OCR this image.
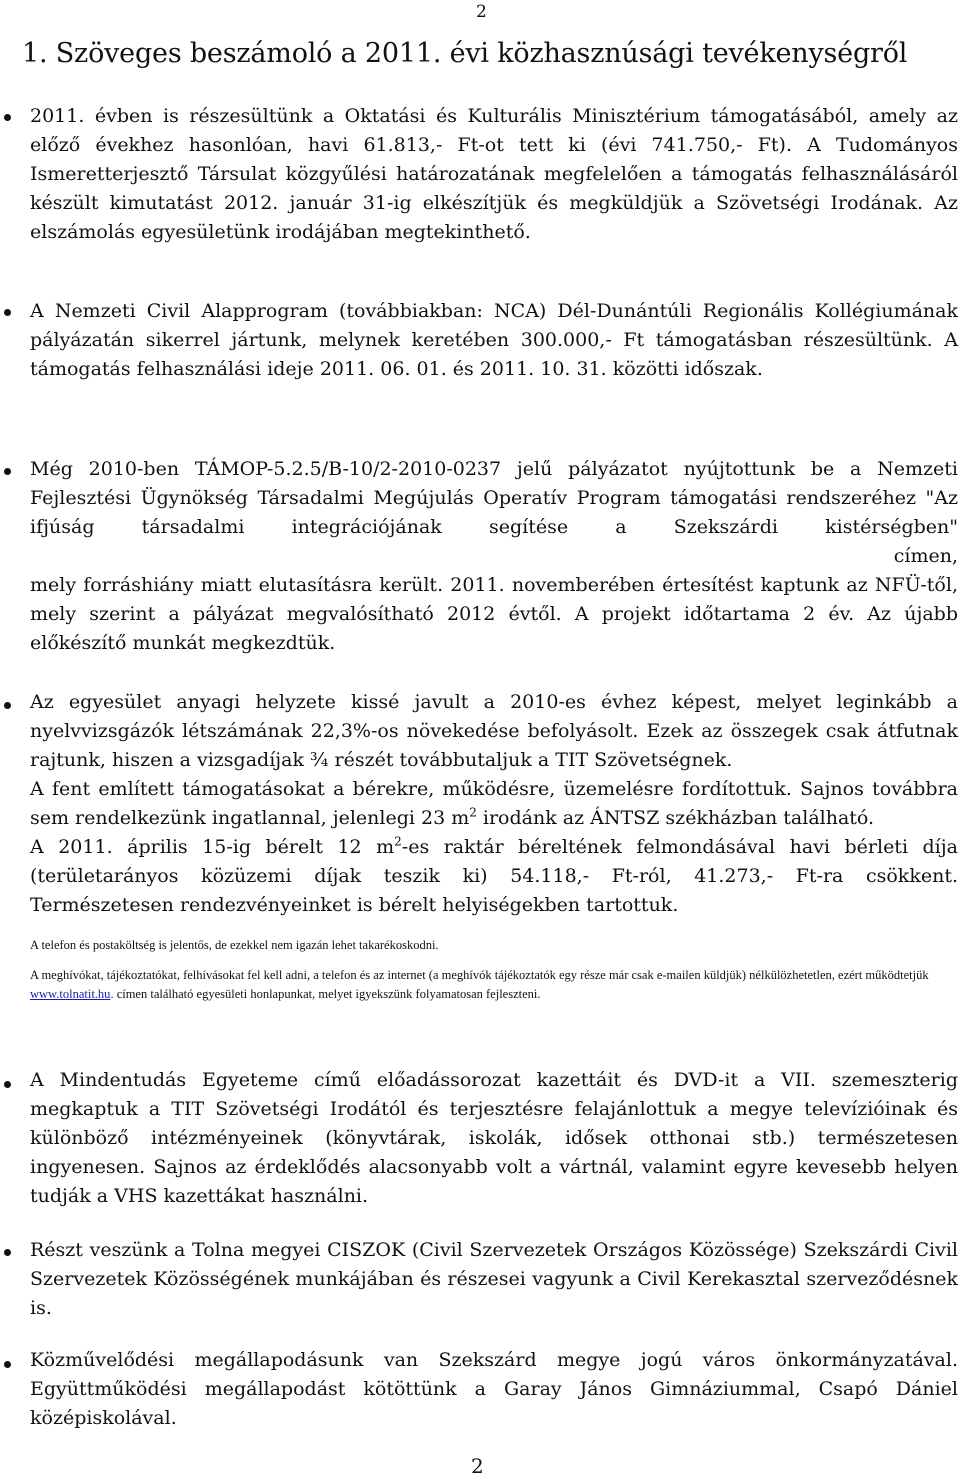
2
1. Szöveges beszámoló a 2011. évi közhasznúsági tevékenységről

2011. évben is részesültünk a Oktatási és Kulturális Minisztérium támogatásából, amely az előző évekhez hasonlóan, havi 61.813,- Ft-ot tett ki (évi 741.750,- Ft). A Tudományos Ismeretterjesztő Társulat közgyűlési határozatának megfelelően a támogatás felhasználásáról készült kimutatást 2012. január 31-ig elkészítjük és megküldjük a Szövetségi Irodának. Az elszámolás egyesületünk irodájában megtekinthető.

A Nemzeti Civil Alapprogram (továbbiakban: NCA) Dél-Dunántúli Regionális Kollégiumának pályázatán sikerrel jártunk, melynek keretében 300.000,- Ft támogatásban részesültünk. A támogatás felhasználási ideje 2011. 06. 01. és 2011. 10. 31. közötti időszak.

Még 2010-ben TÁMOP-5.2.5/B-10/2-2010-0237 jelű pályázatot nyújtottunk be a Nemzeti Fejlesztési Ügynökség Társadalmi Megújulás Operatív Program támogatási rendszeréhez "Az ifjúság társadalmi integrációjának segítése a Szekszárdi kistérségben"

címen,

mely forráshiány miatt elutasításra került. 2011. novemberében értesítést kaptunk az NFÜ-től, mely szerint a pályázat megvalósítható 2012 évtől. A projekt időtartama 2 év. Az újabb előkészítő munkát megkezdtük.

Az egyesület anyagi helyzete kissé javult a 2010-es évhez képest, melyet leginkább a nyelvvizsgázók létszámának 22,3%-os növekedése befolyásolt. Ezek az összegek csak átfutnak rajtunk, hiszen a vizsgadíjak ¾ részét továbbutaljuk a TIT Szövetségnek.

A fent említett támogatásokat a bérekre, működésre, üzemelésre fordítottuk. Sajnos továbbra sem rendelkezünk ingatlannal, jelenlegi 23 $m^2$ irodánk az ÁNTSZ székházban található.

A 2011. április 15-ig bérelt 12 $m^2-es$ raktár béreltének felmondásával havi bérleti díja (területarányos közüzemi díjak teszik ki) 54.118,- Ft-ról, 41.273,- Ft-ra csökkent. Természetesen rendezvényeinket is bérelt helyiségekben tartottuk.

A telefon és postaköltség is jelentős, de ezekkel nem igazán lehet takarékoskodni.
A meghívókat, tájékoztatókat, felhívásokat fel kell adni, a telefon és az internet (a meghívók tájékoztatók egy része már csak e-mailen küldjük) nélkülözhetetlen, ezért működtetjük www.tolnatit.hu. címen található egyesületi honlapunkat, melyet igyekszünk folyamatosan fejleszteni.

A Mindentudás Egyeteme című előadássorozat kazettáit és DVD-it a VII. szemeszterig megkaptuk a TIT Szövetségi Irodától és terjesztésre felajánlottuk a megye televízióinak és különböző intézményeinek (könyvtárak, iskolák, idősek otthonai stb.) természetesen ingyenesen. Sajnos az érdeklődés alacsonyabb volt a vártnál, valamint egyre kevesebb helyen tudják a VHS kazettákat használni.

Részt veszünk a Tolna megyei CISZOK (Civil Szervezetek Országos Közössége) Szekszárdi Civil Szervezetek Közösségének munkájában és részesei vagyunk a Civil Kerekasztal szerveződésnek is.

Közművelődési megállapodásunk van Szekszárd megye jogú város önkormányzatával. Együttműködési megállapodást kötöttünk a Garay János Gimnáziummal, Csapó Dániel középiskolával.

2
